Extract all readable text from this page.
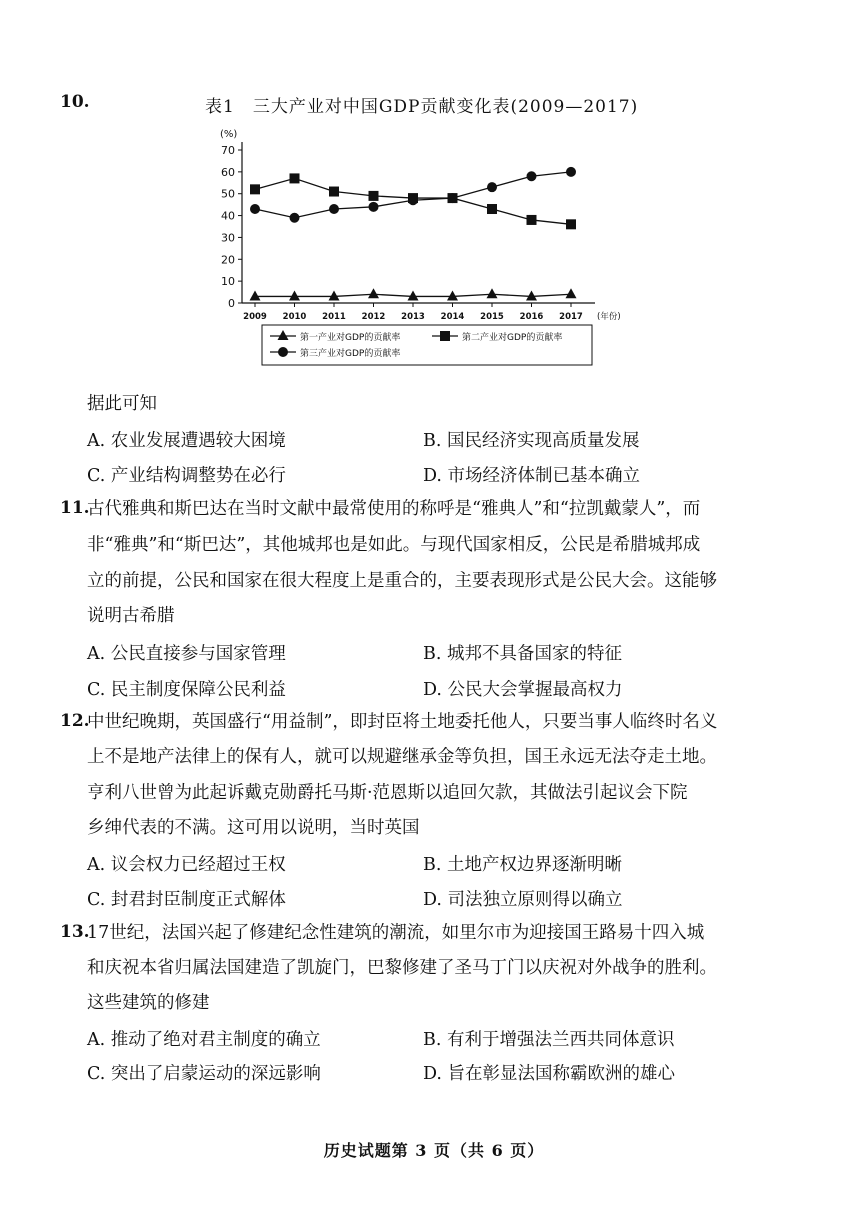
10.	表1　三大产业对中国GDP贡献变化表(2009—2017)
(%)
0
10
20
30
40
50
60
70
2009 2010 2011 2012 2013 2014 2015 2016 2017 (年份)
第一产业对GDP的贡献率	第二产业对GDP的贡献率
第三产业对GDP的贡献率
据此可知
A. 农业发展遭遇较大困境	B. 国民经济实现高质量发展
C. 产业结构调整势在必行	D. 市场经济体制已基本确立
11.
古代雅典和斯巴达在当时文献中最常使用的称呼是“雅典人”和“拉凯戴蒙人”，而
非“雅典”和“斯巴达”，其他城邦也是如此。与现代国家相反，公民是希腊城邦成
立的前提，公民和国家在很大程度上是重合的，主要表现形式是公民大会。这能够
说明古希腊
A. 公民直接参与国家管理	B. 城邦不具备国家的特征
C. 民主制度保障公民利益	D. 公民大会掌握最高权力
12.
中世纪晚期，英国盛行“用益制”，即封臣将土地委托他人，只要当事人临终时名义
上不是地产法律上的保有人，就可以规避继承金等负担，国王永远无法夺走土地。
亨利八世曾为此起诉戴克勋爵托马斯·范恩斯以追回欠款，其做法引起议会下院
乡绅代表的不满。这可用以说明，当时英国
A. 议会权力已经超过王权	B. 土地产权边界逐渐明晰
C. 封君封臣制度正式解体	D. 司法独立原则得以确立
13.
17世纪，法国兴起了修建纪念性建筑的潮流，如里尔市为迎接国王路易十四入城
和庆祝本省归属法国建造了凯旋门，巴黎修建了圣马丁门以庆祝对外战争的胜利。
这些建筑的修建
A. 推动了绝对君主制度的确立	B. 有利于增强法兰西共同体意识
C. 突出了启蒙运动的深远影响	D. 旨在彰显法国称霸欧洲的雄心
历史试题第 3 页（共 6 页）
